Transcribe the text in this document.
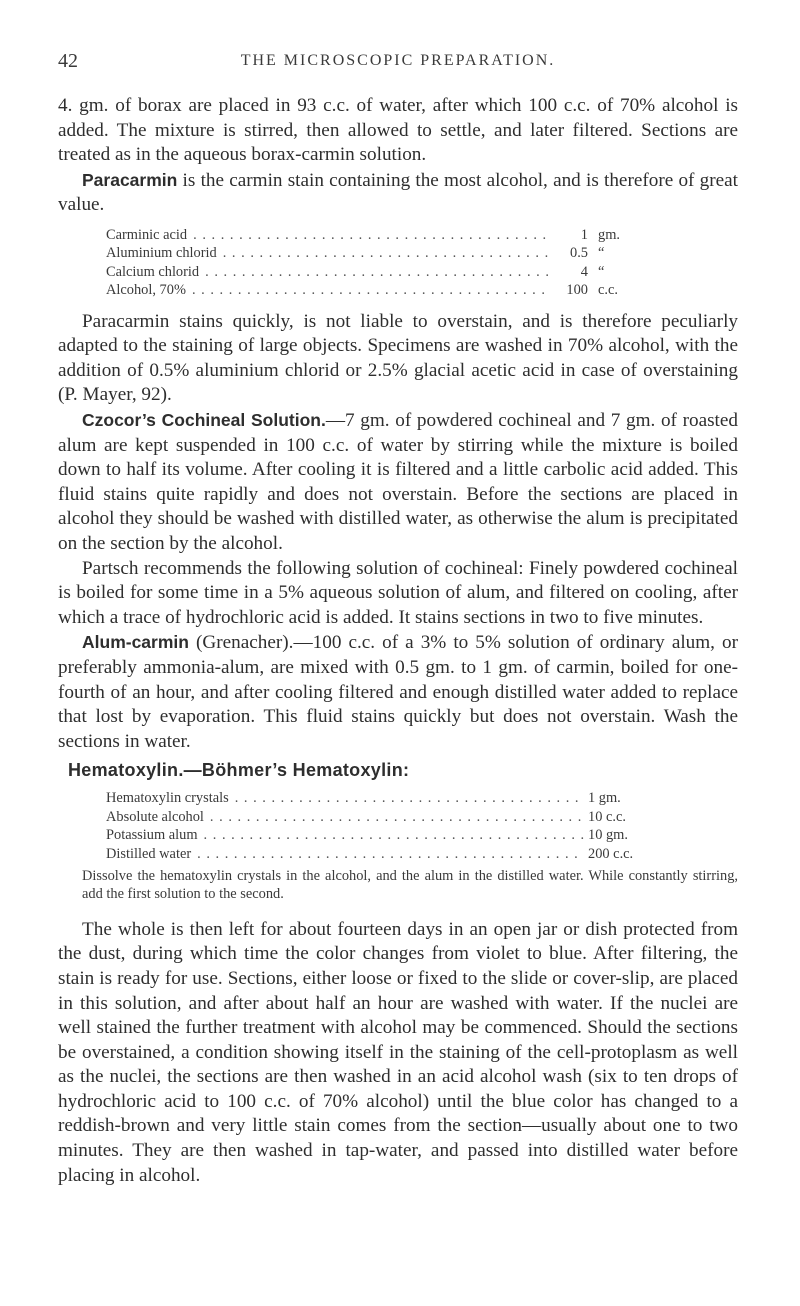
42	THE MICROSCOPIC PREPARATION.

4. gm. of borax are placed in 93 c.c. of water, after which 100 c.c. of 70% alcohol is added. The mixture is stirred, then allowed to settle, and later filtered. Sections are treated as in the aqueous borax-carmin solution.

Paracarmin is the carmin stain containing the most alcohol, and is therefore of great value.

Carminic acid . . .	1 gm.
Aluminium chlorid . . .	0.5 “
Calcium chlorid . . .	4 “
Alcohol, 70% . . .	100 c.c.

Paracarmin stains quickly, is not liable to overstain, and is therefore peculiarly adapted to the staining of large objects. Specimens are washed in 70% alcohol, with the addition of 0.5% aluminium chlorid or 2.5% glacial acetic acid in case of overstaining (P. Mayer, 92).

Czocor’s Cochineal Solution.—7 gm. of powdered cochineal and 7 gm. of roasted alum are kept suspended in 100 c.c. of water by stirring while the mixture is boiled down to half its volume. After cooling it is filtered and a little carbolic acid added. This fluid stains quite rapidly and does not overstain. Before the sections are placed in alcohol they should be washed with distilled water, as otherwise the alum is precipitated on the section by the alcohol.

Partsch recommends the following solution of cochineal: Finely powdered cochineal is boiled for some time in a 5% aqueous solution of alum, and filtered on cooling, after which a trace of hydrochloric acid is added. It stains sections in two to five minutes.

Alum-carmin (Grenacher).—100 c.c. of a 3% to 5% solution of ordinary alum, or preferably ammonia-alum, are mixed with 0.5 gm. to 1 gm. of carmin, boiled for one-fourth of an hour, and after cooling filtered and enough distilled water added to replace that lost by evaporation. This fluid stains quickly but does not overstain. Wash the sections in water.

Hematoxylin.—Böhmer’s Hematoxylin:
Hematoxylin crystals . . .	1 gm.
Absolute alcohol . . .	10 c.c.
Potassium alum . . .	10 gm.
Distilled water . . .	200 c.c.
Dissolve the hematoxylin crystals in the alcohol, and the alum in the distilled water. While constantly stirring, add the first solution to the second.

The whole is then left for about fourteen days in an open jar or dish protected from the dust, during which time the color changes from violet to blue. After filtering, the stain is ready for use. Sections, either loose or fixed to the slide or cover-slip, are placed in this solution, and after about half an hour are washed with water. If the nuclei are well stained the further treatment with alcohol may be commenced. Should the sections be overstained, a condition showing itself in the staining of the cell-protoplasm as well as the nuclei, the sections are then washed in an acid alcohol wash (six to ten drops of hydrochloric acid to 100 c.c. of 70% alcohol) until the blue color has changed to a reddish-brown and very little stain comes from the section—usually about one to two minutes. They are then washed in tap-water, and passed into distilled water before placing in alcohol.
